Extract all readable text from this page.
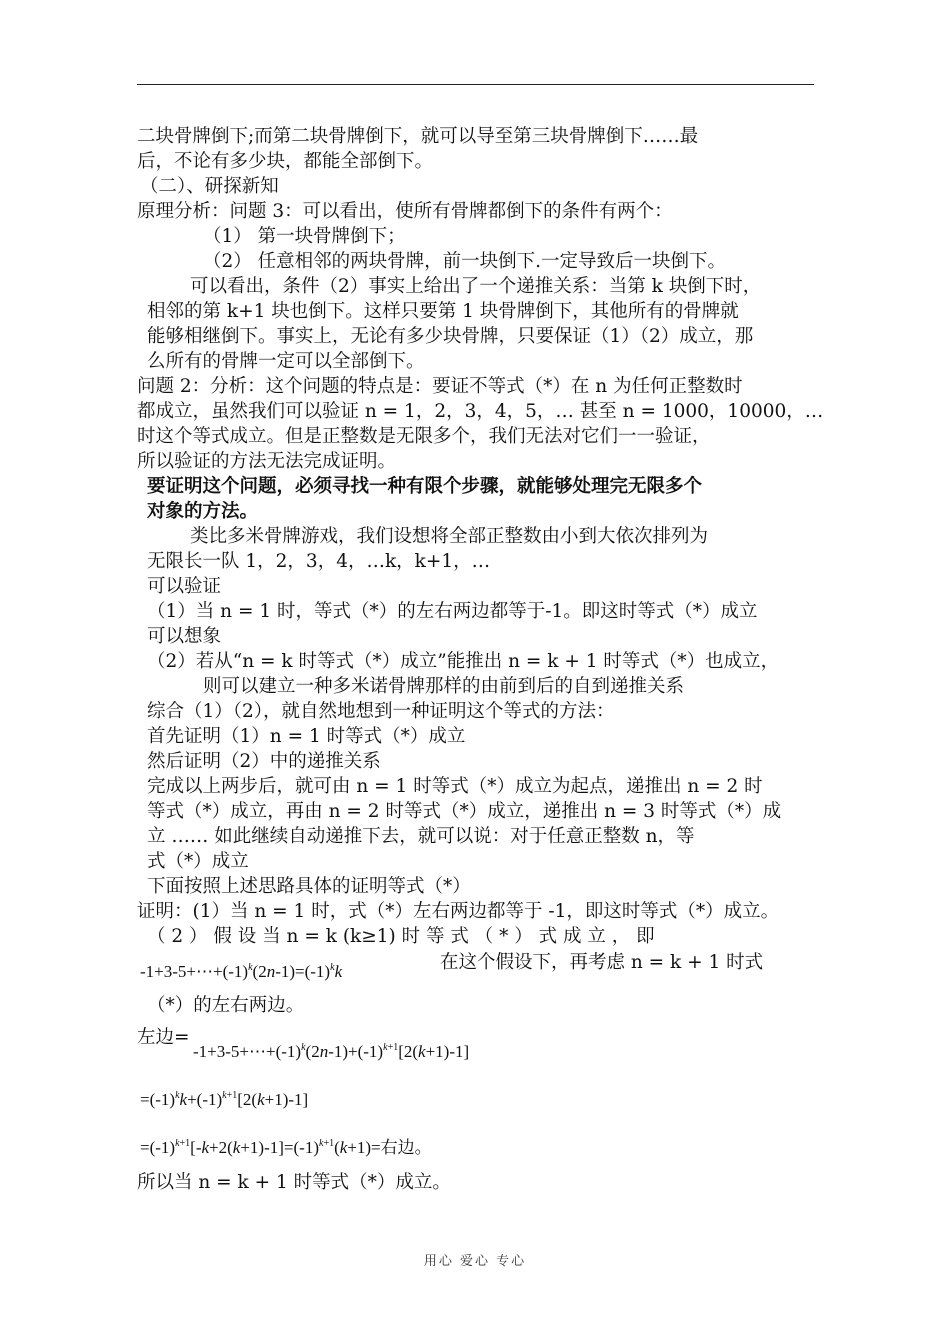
二块骨牌倒下;而第二块骨牌倒下，就可以导至第三块骨牌倒下……最
后，不论有多少块，都能全部倒下。
（二）、研探新知
原理分析：问题 3：可以看出，使所有骨牌都倒下的条件有两个：
（1） 第一块骨牌倒下；
（2） 任意相邻的两块骨牌，前一块倒下.一定导致后一块倒下。
可以看出，条件（2）事实上给出了一个递推关系：当第 k 块倒下时，
相邻的第 k+1 块也倒下。这样只要第 1 块骨牌倒下，其他所有的骨牌就
能够相继倒下。事实上，无论有多少块骨牌，只要保证（1）（2）成立，那
么所有的骨牌一定可以全部倒下。
问题 2：分析：这个问题的特点是：要证不等式（*）在 n 为任何正整数时
都成立，虽然我们可以验证 n = 1，2，3，4，5，… 甚至 n = 1000，10000，…
时这个等式成立。但是正整数是无限多个，我们无法对它们一一验证，
所以验证的方法无法完成证明。
要证明这个问题，必须寻找一种有限个步骤，就能够处理完无限多个
对象的方法。
类比多米骨牌游戏，我们设想将全部正整数由小到大依次排列为
无限长一队 1，2，3，4，…k，k+1，…
可以验证
（1）当 n = 1 时，等式（*）的左右两边都等于-1。即这时等式（*）成立
可以想象
（2）若从“n = k 时等式（*）成立”能推出 n = k + 1 时等式（*）也成立，
则可以建立一种多米诺骨牌那样的由前到后的自到递推关系
综合（1）（2），就自然地想到一种证明这个等式的方法：
首先证明（1）n = 1 时等式（*）成立
然后证明（2）中的递推关系
完成以上两步后，就可由 n = 1 时等式（*）成立为起点，递推出 n = 2 时
等式（*）成立，再由 n = 2 时等式（*）成立，递推出 n = 3 时等式（*）成
立 …… 如此继续自动递推下去，就可以说：对于任意正整数 n，等
式（*）成立
下面按照上述思路具体的证明等式（*）
证明：(1）当 n = 1 时，式（*）左右两边都等于 -1，即这时等式（*）成立。
（ 2 ） 假 设 当 n = k (k≥1) 时 等 式 （ * ） 式 成 立 ， 即
$-1+3-5+\cdots+(-1)^k(2n-1)=(-1)^kk$	在这个假设下，再考虑 n = k + 1 时式
（*）的左右两边。
左边=
$-1+3-5+\cdots+(-1)^k(2n-1)+(-1)^{k+1}[2(k+1)-1]$
$=(-1)^kk+(-1)^{k+1}[2(k+1)-1]$
$=(-1)^{k+1}[-k+2(k+1)-1]=(-1)^{k+1}(k+1)=$右边。
所以当 n = k + 1 时等式（*）成立。
用心 爱心 专心
